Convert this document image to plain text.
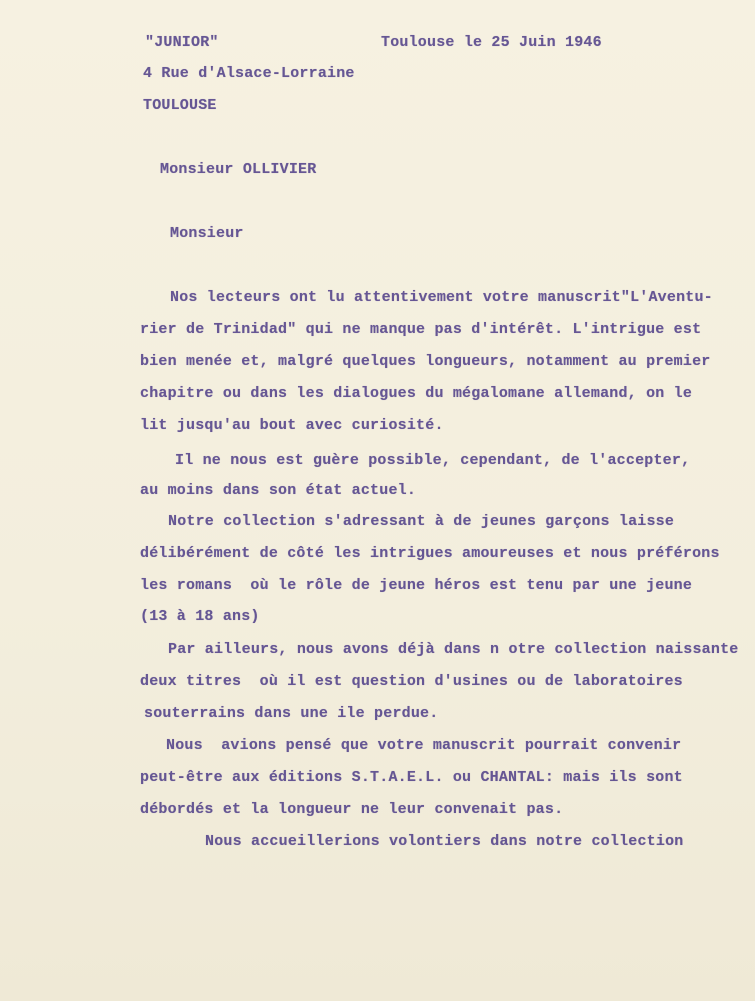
"JUNIOR"	Toulouse le 25 Juin 1946
4 Rue d'Alsace-Lorraine
TOULOUSE
Monsieur OLLIVIER
Monsieur
Nos lecteurs ont lu attentivement votre manuscrit"L'Aventu-
rier de Trinidad" qui ne manque pas d'intérêt. L'intrigue est
bien menée et, malgré quelques longueurs, notamment au premier
chapitre ou dans les dialogues du mégalomane allemand, on le
lit jusqu'au bout avec curiosité.
Il ne nous est guère possible, cependant, de l'accepter,
au moins dans son état actuel.
Notre collection s'adressant à de jeunes garçons laisse
délibérément de côté les intrigues amoureuses et nous préférons
les romans  où le rôle de jeune héros est tenu par une jeune
(13 à 18 ans)
Par ailleurs, nous avons déjà dans n otre collection naissante
deux titres  où il est question d'usines ou de laboratoires
souterrains dans une ile perdue.
Nous  avions pensé que votre manuscrit pourrait convenir
peut-être aux éditions S.T.A.E.L. ou CHANTAL: mais ils sont
débordés et la longueur ne leur convenait pas.
Nous accueillerions volontiers dans notre collection
